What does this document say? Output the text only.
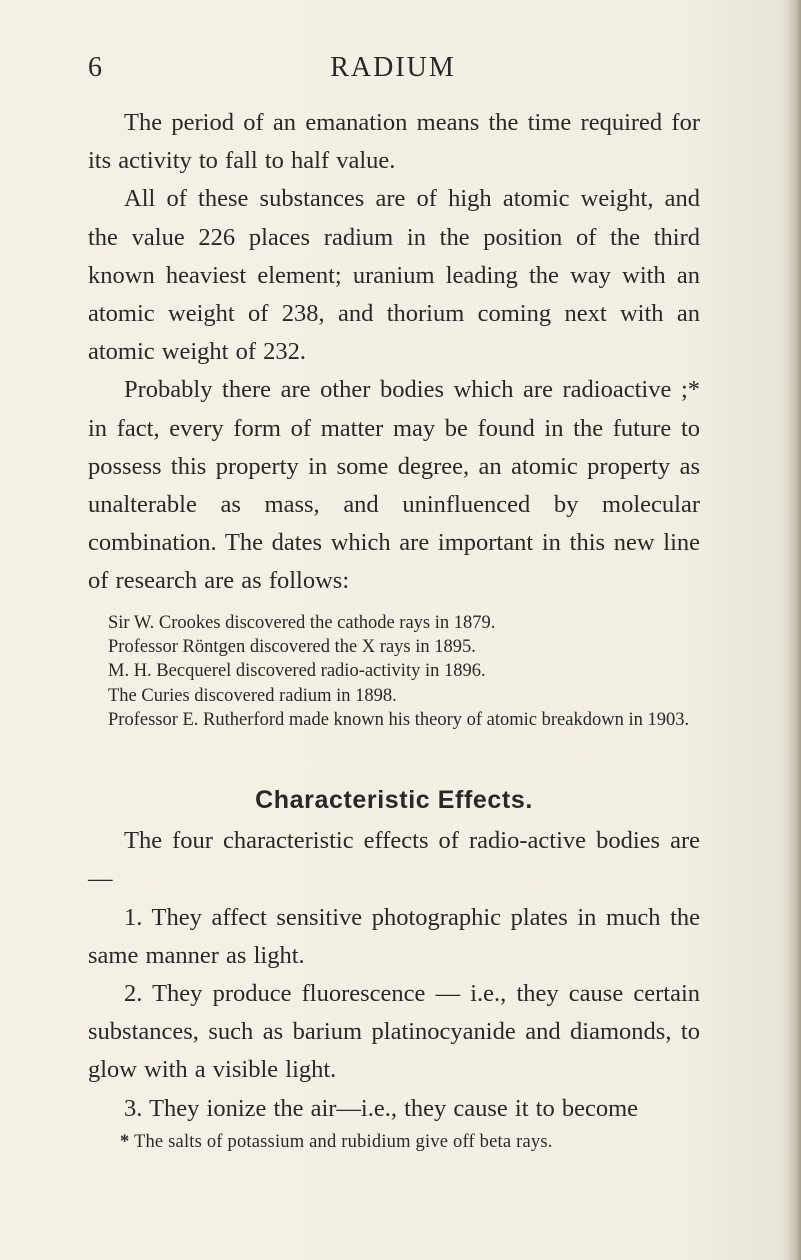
6	RADIUM

The period of an emanation means the time required for its activity to fall to half value.

All of these substances are of high atomic weight, and the value 226 places radium in the position of the third known heaviest element; uranium leading the way with an atomic weight of 238, and thorium coming next with an atomic weight of 232.

Probably there are other bodies which are radioactive ;* in fact, every form of matter may be found in the future to possess this property in some degree, an atomic property as unalterable as mass, and uninfluenced by molecular combination. The dates which are important in this new line of research are as follows:

Sir W. Crookes discovered the cathode rays in 1879.
Professor Röntgen discovered the X rays in 1895.
M. H. Becquerel discovered radio-activity in 1896.
The Curies discovered radium in 1898.
Professor E. Rutherford made known his theory of atomic breakdown in 1903.
Characteristic Effects.

The four characteristic effects of radio-active bodies are—

1. They affect sensitive photographic plates in much the same manner as light.

2. They produce fluorescence — i.e., they cause certain substances, such as barium platinocyanide and diamonds, to glow with a visible light.

3. They ionize the air—i.e., they cause it to become

* The salts of potassium and rubidium give off beta rays.
